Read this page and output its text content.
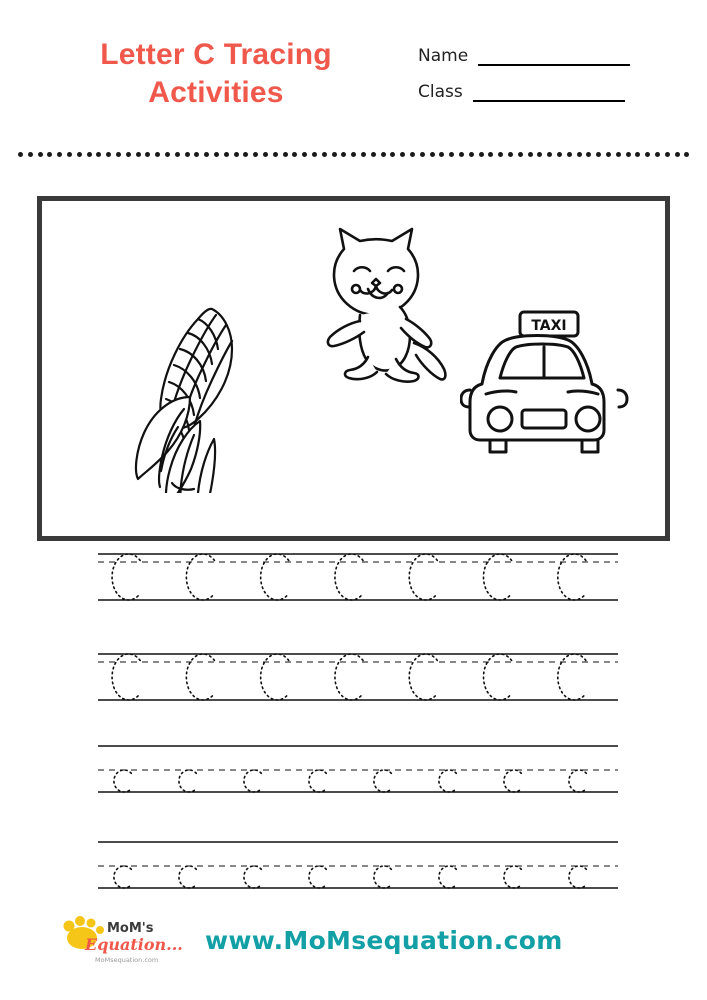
Letter C Tracing
Activities
Name
Class
TAXI
MoM's
Equation...
MoMsequation.com
www.MoMsequation.com
